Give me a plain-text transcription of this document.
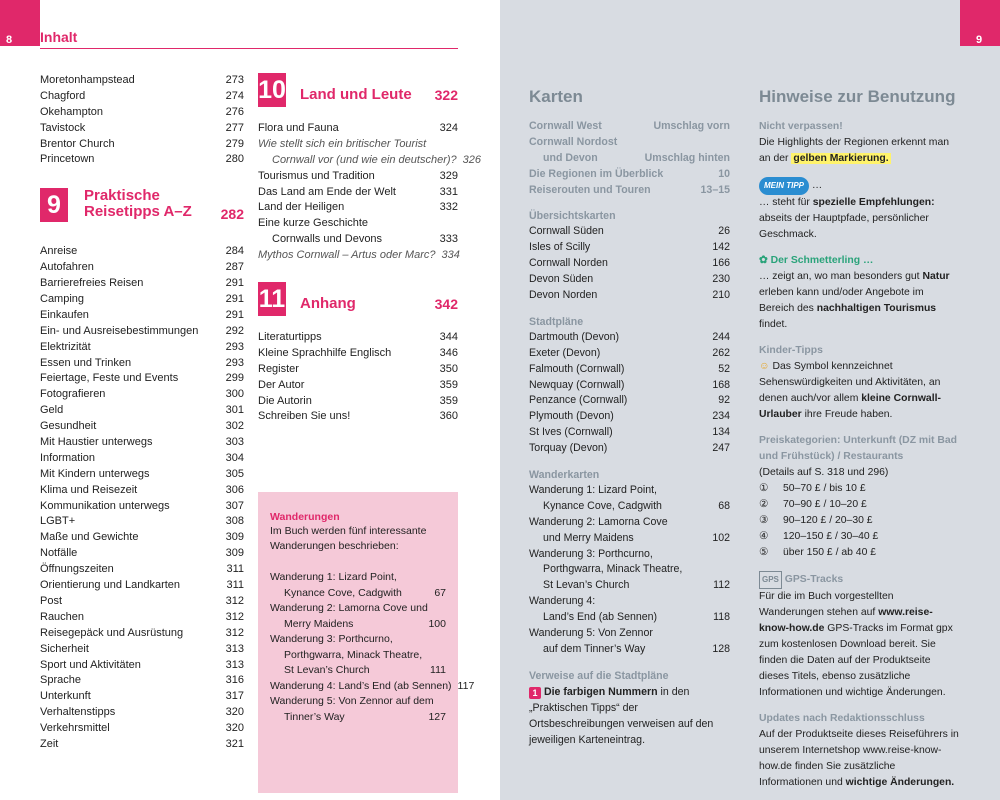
8	Inhalt
Moretonhampstead	273
Chagford	274
Okehampton	276
Tavistock	277
Brentor Church	279
Princetown	280
9	Praktische
Reisetipps A–Z	282
Anreise	284
Autofahren	287
Barrierefreies Reisen	291
Camping	291
Einkaufen	291
Ein- und Ausreisebestimmungen	292
Elektrizität	293
Essen und Trinken	293
Feiertage, Feste und Events	299
Fotografieren	300
Geld	301
Gesundheit	302
Mit Haustier unterwegs	303
Information	304
Mit Kindern unterwegs	305
Klima und Reisezeit	306
Kommunikation unterwegs	307
LGBT+	308
Maße und Gewichte	309
Notfälle	309
Öffnungszeiten	311
Orientierung und Landkarten	311
Post	312
Rauchen	312
Reisegepäck und Ausrüstung	312
Sicherheit	313
Sport und Aktivitäten	313
Sprache	316
Unterkunft	317
Verhaltenstipps	320
Verkehrsmittel	320
Zeit	321
10 Land und Leute 322
Flora und Fauna	324
Wie stellt sich ein britischer Tourist
Cornwall vor (und wie ein deutscher)? 326
Tourismus und Tradition	329
Das Land am Ende der Welt	331
Land der Heiligen	332
Eine kurze Geschichte
Cornwalls und Devons	333
Mythos Cornwall – Artus oder Marc? 334
11 Anhang	342
Literaturtipps	344
Kleine Sprachhilfe Englisch	346
Register	350
Der Autor	359
Die Autorin	359
Schreiben Sie uns!	360
Wanderungen
Im Buch werden fünf interessante
Wanderungen beschrieben:
Wanderung 1: Lizard Point,
Kynance Cove, Cadgwith	67
Wanderung 2: Lamorna Cove und
Merry Maidens	100
Wanderung 3: Porthcurno,
Porthgwarra, Minack Theatre,
St Levan’s Church	111
Wanderung 4: Land’s End (ab Sennen) 117
Wanderung 5: Von Zennor auf dem
Tinner’s Way	127
9
Karten
Cornwall West	Umschlag vorn
Cornwall Nordost
und Devon	Umschlag hinten
Die Regionen im Überblick	10
Reiserouten und Touren	13–15
Übersichtskarten
Cornwall Süden	26
Isles of Scilly	142
Cornwall Norden	166
Devon Süden	230
Devon Norden	210
Stadtpläne
Dartmouth (Devon)	244
Exeter (Devon)	262
Falmouth (Cornwall)	52
Newquay (Cornwall)	168
Penzance (Cornwall)	92
Plymouth (Devon)	234
St Ives (Cornwall)	134
Torquay (Devon)	247
Wanderkarten
Wanderung 1: Lizard Point,
Kynance Cove, Cadgwith	68
Wanderung 2: Lamorna Cove
und Merry Maidens	102
Wanderung 3: Porthcurno,
Porthgwarra, Minack Theatre,
St Levan’s Church	112
Wanderung 4:
Land’s End (ab Sennen)	118
Wanderung 5: Von Zennor
auf dem Tinner’s Way	128
Verweise auf die Stadtpläne
1 Die farbigen Nummern in den „Praktischen Tipps“ der Ortsbeschreibungen verweisen auf den jeweiligen Karteneintrag.
Hinweise zur Benutzung
Nicht verpassen!
Die Highlights der Regionen erkennt man an der gelben Markierung.
MEIN TIPP …
… steht für spezielle Empfehlungen: abseits der Hauptpfade, persönlicher Geschmack.
✿ Der Schmetterling …
… zeigt an, wo man besonders gut Natur erleben kann und/oder Angebote im Bereich des nachhaltigen Tourismus findet.
Kinder-Tipps
☺ Das Symbol kennzeichnet Sehenswürdigkeiten und Aktivitäten, an denen auch/vor allem kleine Cornwall-Urlauber ihre Freude haben.
Preiskategorien: Unterkunft (DZ mit Bad und Frühstück) / Restaurants
(Details auf S. 318 und 296)
① 50–70 £ / bis 10 £
② 70–90 £ / 10–20 £
③ 90–120 £ / 20–30 £
④ 120–150 £ / 30–40 £
⑤ über 150 £ / ab 40 £
GPS GPS-Tracks
Für die im Buch vorgestellten Wanderungen stehen auf www.reise-know-how.de GPS-Tracks im Format gpx zum kostenlosen Download bereit. Sie finden die Daten auf der Produktseite dieses Titels, ebenso zusätzliche Informationen und wichtige Änderungen.
Updates nach Redaktionsschluss
Auf der Produktseite dieses Reiseführers in unserem Internetshop www.reise-know-how.de finden Sie zusätzliche Informationen und wichtige Änderungen.
